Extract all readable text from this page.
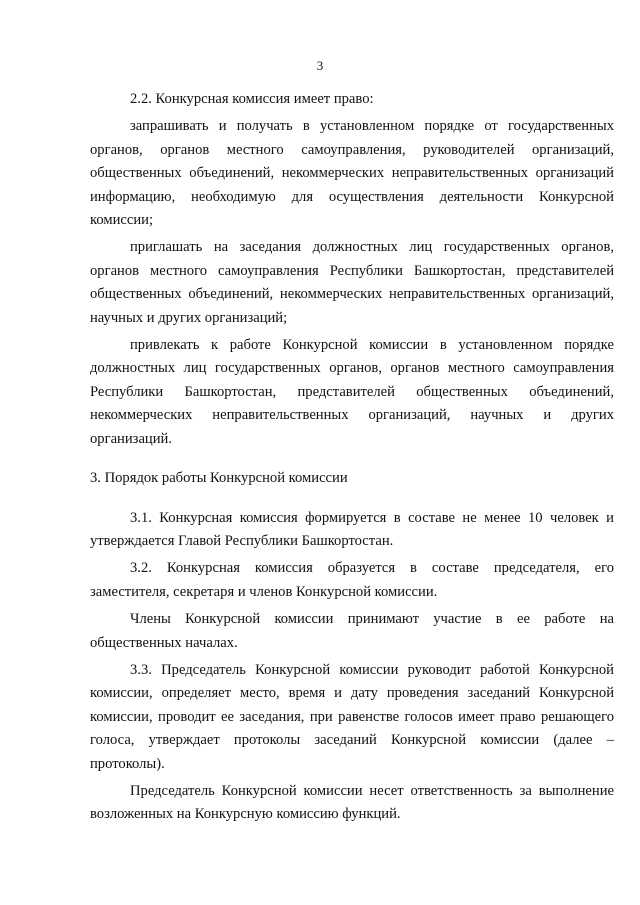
3

2.2. Конкурсная комиссия имеет право:

запрашивать и получать в установленном порядке от государственных органов, органов местного самоуправления, руководителей организаций, общественных объединений, некоммерческих неправительственных организаций информацию, необходимую для осуществления деятельности Конкурсной комиссии;

приглашать на заседания должностных лиц государственных органов, органов местного самоуправления Республики Башкортостан, представителей общественных объединений, некоммерческих неправительственных организаций, научных и других организаций;

привлекать к работе Конкурсной комиссии в установленном порядке должностных лиц государственных органов, органов местного самоуправления Республики Башкортостан, представителей общественных объединений, некоммерческих неправительственных организаций, научных и других организаций.

3. Порядок работы Конкурсной комиссии

3.1. Конкурсная комиссия формируется в составе не менее 10 человек и утверждается Главой Республики Башкортостан.

3.2. Конкурсная комиссия образуется в составе председателя, его заместителя, секретаря и членов Конкурсной комиссии.

Члены Конкурсной комиссии принимают участие в ее работе на общественных началах.

3.3. Председатель Конкурсной комиссии руководит работой Конкурсной комиссии, определяет место, время и дату проведения заседаний Конкурсной комиссии, проводит ее заседания, при равенстве голосов имеет право решающего голоса, утверждает протоколы заседаний Конкурсной комиссии (далее – протоколы).

Председатель Конкурсной комиссии несет ответственность за выполнение возложенных на Конкурсную комиссию функций.
